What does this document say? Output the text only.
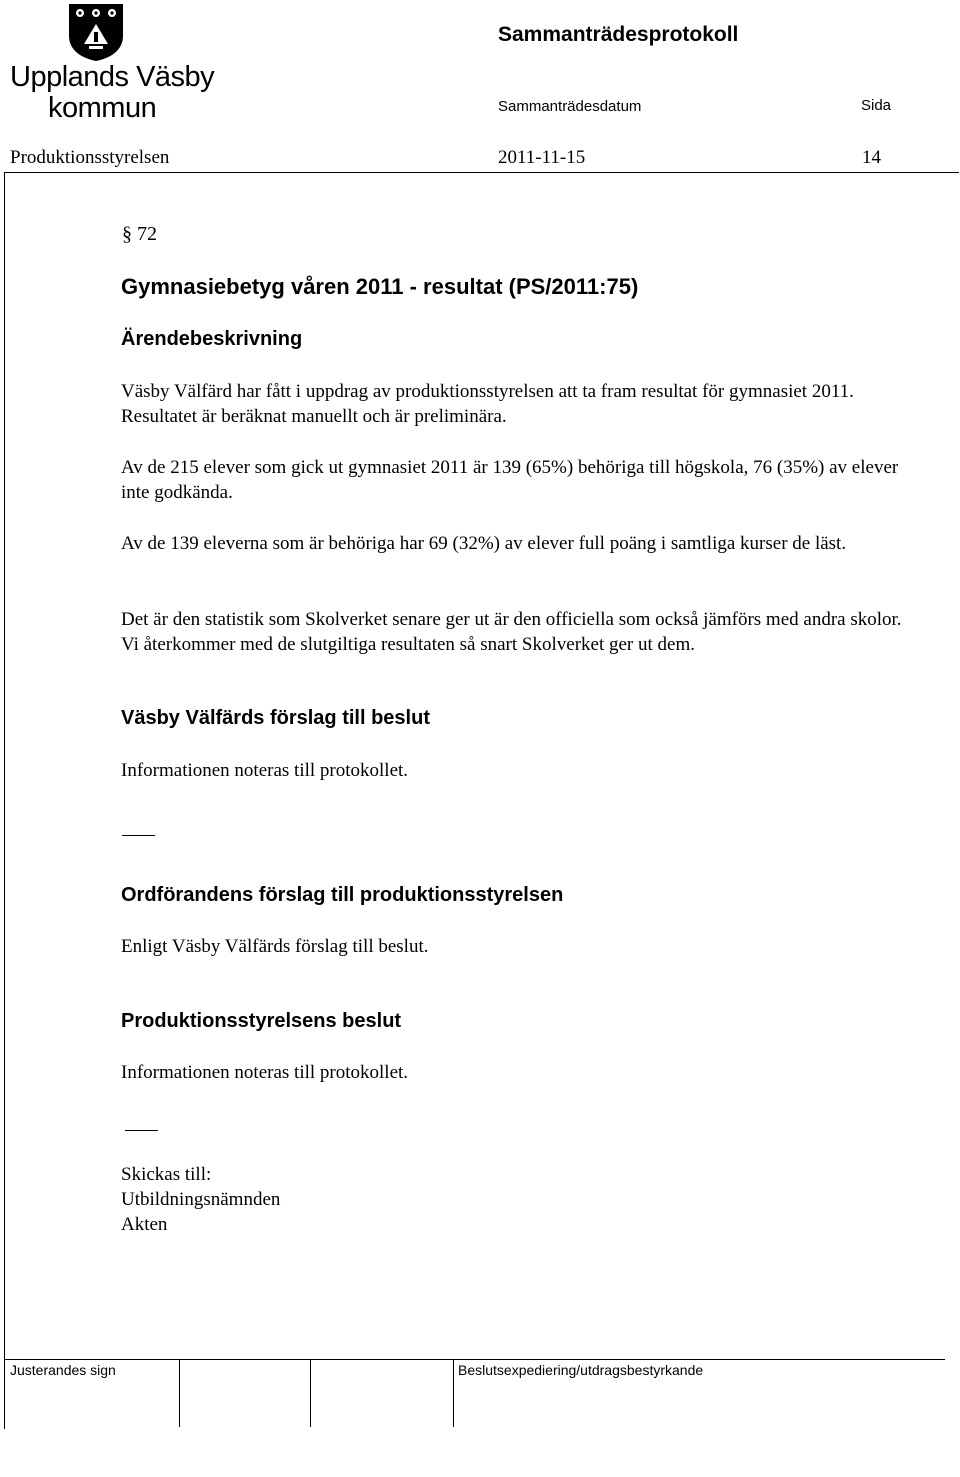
Upplands Väsby
kommun
Sammanträdesprotokoll
Sammanträdesdatum	Sida
Produktionsstyrelsen	2011-11-15	14
§ 72
Gymnasiebetyg våren 2011 - resultat (PS/2011:75)
Ärendebeskrivning
Väsby Välfärd har fått i uppdrag av produktionsstyrelsen att ta fram resultat för gymnasiet 2011. Resultatet är beräknat manuellt och är preliminära.
Av de 215 elever som gick ut gymnasiet 2011 är 139 (65%) behöriga till högskola, 76 (35%) av elever inte godkända.
Av de 139 eleverna som är behöriga har 69 (32%) av elever full poäng i samtliga kurser de läst.
Det är den statistik som Skolverket senare ger ut är den officiella som också jämförs med andra skolor. Vi återkommer med de slutgiltiga resultaten så snart Skolverket ger ut dem.
Väsby Välfärds förslag till beslut
Informationen noteras till protokollet.
Ordförandens förslag till produktionsstyrelsen
Enligt Väsby Välfärds förslag till beslut.
Produktionsstyrelsens beslut
Informationen noteras till protokollet.
Skickas till:
Utbildningsnämnden
Akten
Justerandes sign	Beslutsexpediering/utdragsbestyrkande
